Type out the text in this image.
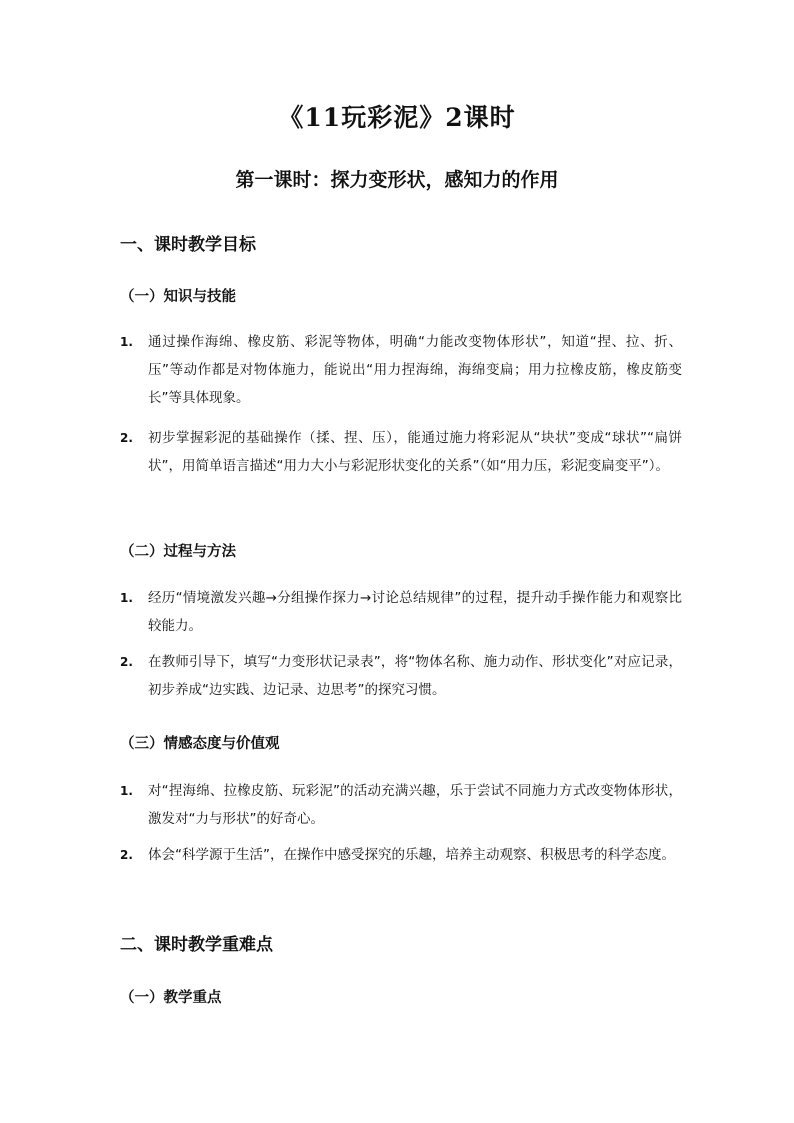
《11玩彩泥》2课时
第一课时：探力变形状，感知力的作用
一、课时教学目标
（一）知识与技能
1. 通过操作海绵、橡皮筋、彩泥等物体，明确“力能改变物体形状”，知道“捏、拉、折、压”等动作都是对物体施力，能说出“用力捏海绵，海绵变扁；用力拉橡皮筋，橡皮筋变长”等具体现象。
2. 初步掌握彩泥的基础操作（揉、捏、压），能通过施力将彩泥从“块状”变成“球状”“扁饼状”，用简单语言描述“用力大小与彩泥形状变化的关系”（如“用力压，彩泥变扁变平”）。
（二）过程与方法
1. 经历“情境激发兴趣→分组操作探力→讨论总结规律”的过程，提升动手操作能力和观察比较能力。
2. 在教师引导下，填写“力变形状记录表”，将“物体名称、施力动作、形状变化”对应记录，初步养成“边实践、边记录、边思考”的探究习惯。
（三）情感态度与价值观
1. 对“捏海绵、拉橡皮筋、玩彩泥”的活动充满兴趣，乐于尝试不同施力方式改变物体形状，激发对“力与形状”的好奇心。
2. 体会“科学源于生活”，在操作中感受探究的乐趣，培养主动观察、积极思考的科学态度。
二、课时教学重难点
（一）教学重点
